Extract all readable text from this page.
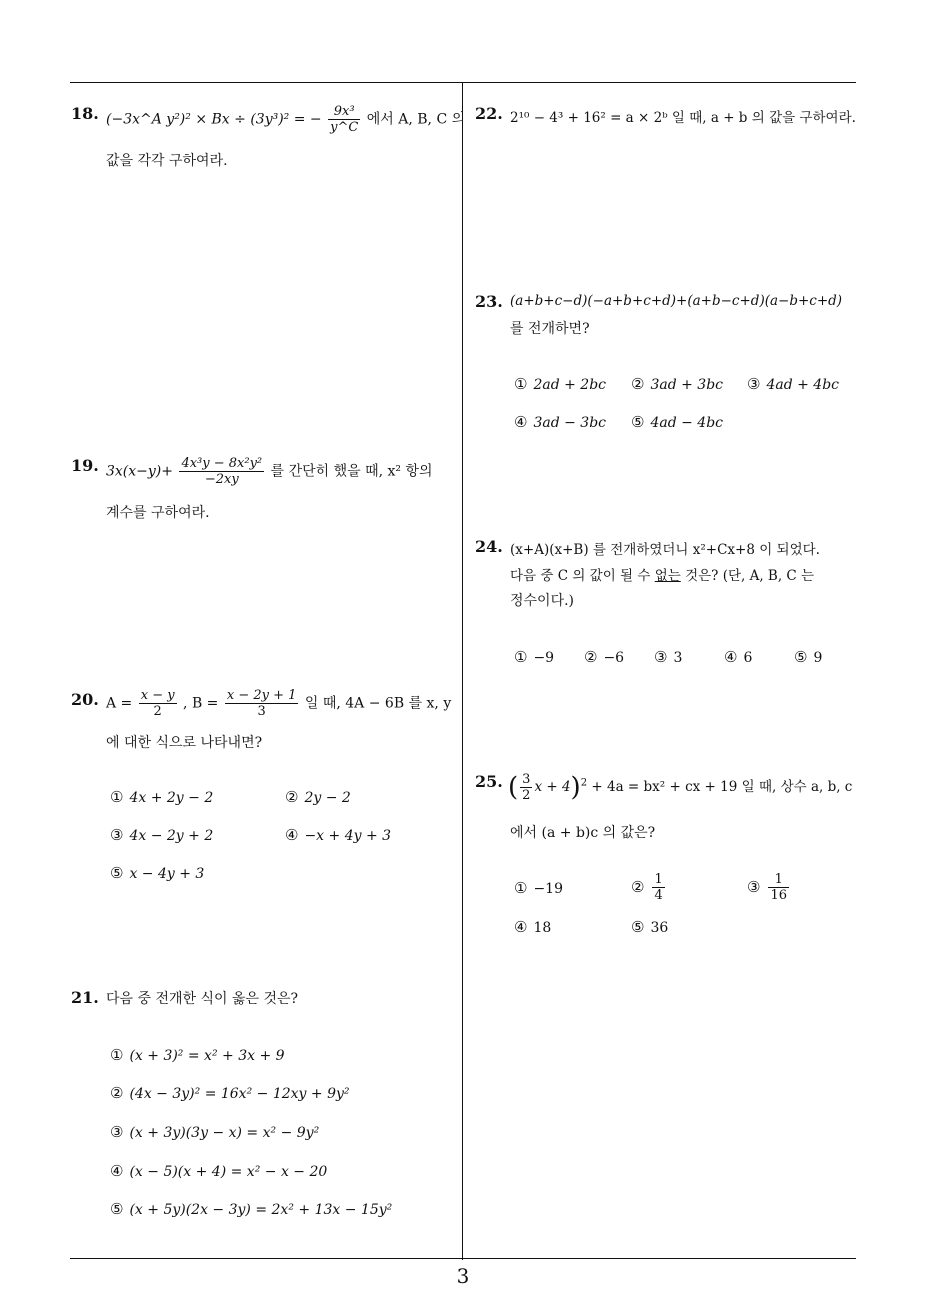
18. (−3x^A y²)² × Bx ÷ (3y³)² = − $\frac{\text{9x³}}{y\^{}C}$ 에서 A, B, C 의
값을 각각 구하여라.
19. $3x(x-y)+ \frac{\text{4x³y − 8x²y²}}{-2xy}$ 를 간단히 했을 때, x² 항의
계수를 구하여라.
20. $A = \frac{x - y}{2}$ , $B = \frac{x - 2y + 1}{3}$ 일 때, 4A − 6B 를 x, y
에 대한 식으로 나타내면?
① 4x + 2y − 2	② 2y − 2
③ 4x − 2y + 2	④ −x + 4y + 3
⑤ x − 4y + 3
21. 다음 중 전개한 식이 옳은 것은?
① (x + 3)² = x² + 3x + 9
② (4x − 3y)² = 16x² − 12xy + 9y²
③ (x + 3y)(3y − x) = x² − 9y²
④ (x − 5)(x + 4) = x² − x − 20
⑤ (x + 5y)(2x − 3y) = 2x² + 13x − 15y²
22. 2¹⁰ − 4³ + 16² = a × 2ᵇ 일 때, a + b 의 값을 구하여라.
23. (a+b+c−d)(−a+b+c+d)+(a+b−c+d)(a−b+c+d)
를 전개하면?
① 2ad + 2bc ② 3ad + 3bc ③ 4ad + 4bc
④ 3ad − 3bc ⑤ 4ad − 4bc
24. (x+A)(x+B) 를 전개하였더니 x²+Cx+8 이 되었다.
다음 중 C 의 값이 될 수 없는 것은? (단, A, B, C 는
정수이다.)
① −9 ② −6 ③ 3	④ 6	⑤ 9
25. ( $\frac{3}{2}$ x + 4)$^2$ + 4a = bx² + cx + 19 일 때, 상수 a, b, c
에서 (a + b)c 의 값은?
① −19	② $\frac{1}{4}$	③ $\frac{1}{16}$
④ 18	⑤ 36
3
